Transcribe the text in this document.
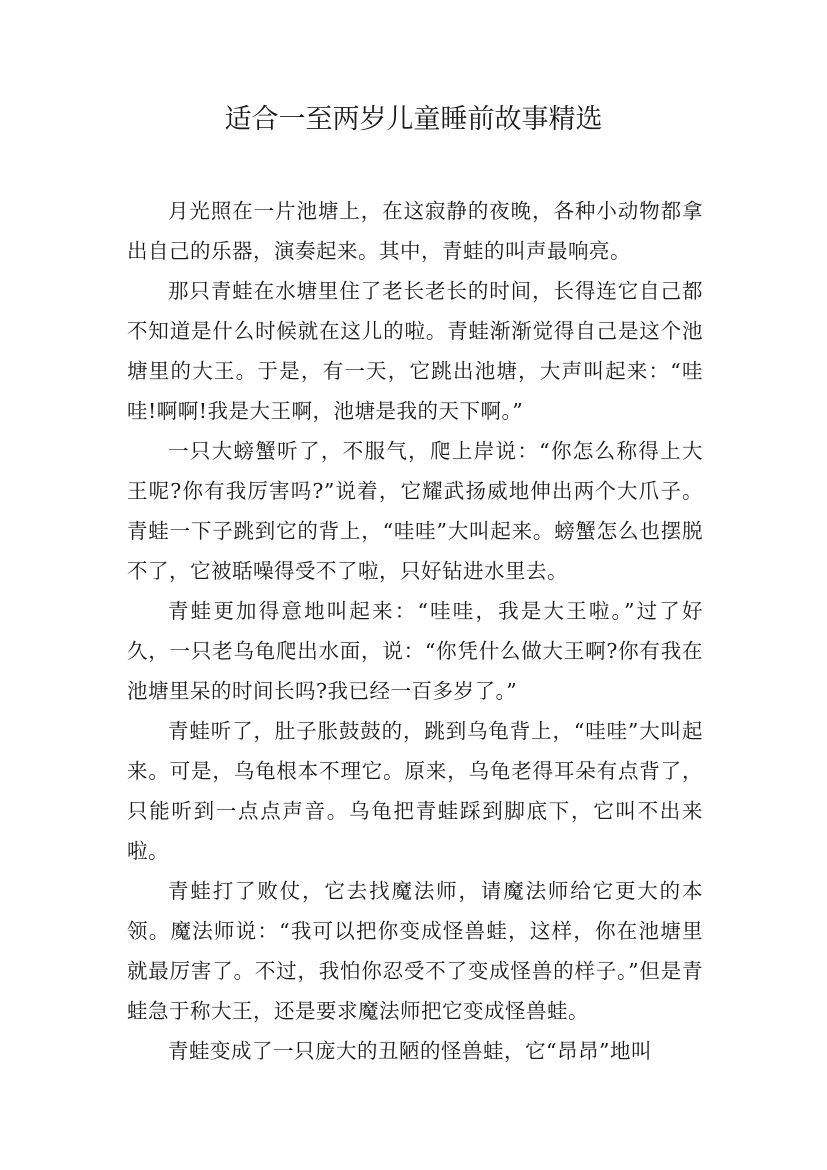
适合一至两岁儿童睡前故事精选

月光照在一片池塘上，在这寂静的夜晚，各种小动物都拿出自己的乐器，演奏起来。其中，青蛙的叫声最响亮。

那只青蛙在水塘里住了老长老长的时间，长得连它自己都不知道是什么时候就在这儿的啦。青蛙渐渐觉得自己是这个池塘里的大王。于是，有一天，它跳出池塘，大声叫起来：“哇哇!啊啊!我是大王啊，池塘是我的天下啊。”

一只大螃蟹听了，不服气，爬上岸说：“你怎么称得上大王呢?你有我厉害吗?”说着，它耀武扬威地伸出两个大爪子。青蛙一下子跳到它的背上，“哇哇”大叫起来。螃蟹怎么也摆脱不了，它被聒噪得受不了啦，只好钻进水里去。

青蛙更加得意地叫起来：“哇哇，我是大王啦。”过了好久，一只老乌龟爬出水面，说：“你凭什么做大王啊?你有我在池塘里呆的时间长吗?我已经一百多岁了。”

青蛙听了，肚子胀鼓鼓的，跳到乌龟背上，“哇哇”大叫起来。可是，乌龟根本不理它。原来，乌龟老得耳朵有点背了，只能听到一点点声音。乌龟把青蛙踩到脚底下，它叫不出来啦。

青蛙打了败仗，它去找魔法师，请魔法师给它更大的本领。魔法师说：“我可以把你变成怪兽蛙，这样，你在池塘里就最厉害了。不过，我怕你忍受不了变成怪兽的样子。”但是青蛙急于称大王，还是要求魔法师把它变成怪兽蛙。

青蛙变成了一只庞大的丑陋的怪兽蛙，它“昂昂”地叫
